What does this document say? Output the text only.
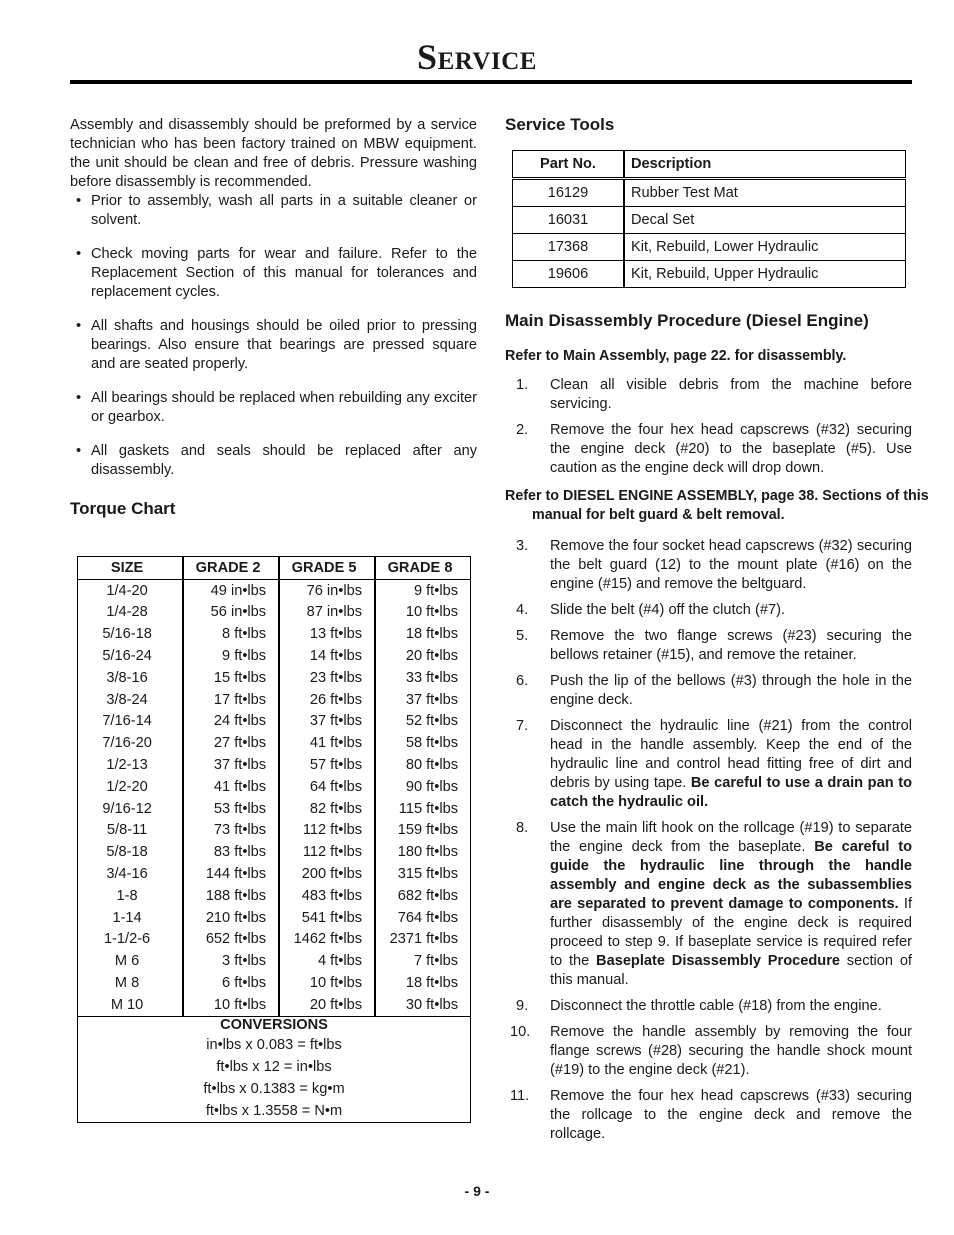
Service

Assembly and disassembly should be preformed by a service technician who has been factory trained on MBW equipment. the unit should be clean and free of debris. Pressure washing before disassembly is recommended.

• Prior to assembly, wash all parts in a suitable cleaner or solvent.
• Check moving parts for wear and failure. Refer to the Replacement Section of this manual for tolerances and replacement cycles.
• All shafts and housings should be oiled prior to pressing bearings. Also ensure that bearings are pressed square and are seated properly.
• All bearings should be replaced when rebuilding any exciter or gearbox.
• All gaskets and seals should be replaced after any disassembly.
Torque Chart
SIZE	GRADE 2	GRADE 5	GRADE 8
1/4-20	49 in•lbs	76 in•lbs	9 ft•lbs
1/4-28	56 in•lbs	87 in•lbs	10 ft•lbs
5/16-18	8 ft•lbs	13 ft•lbs	18 ft•lbs
5/16-24	9 ft•lbs	14 ft•lbs	20 ft•lbs
3/8-16	15 ft•lbs	23 ft•lbs	33 ft•lbs
3/8-24	17 ft•lbs	26 ft•lbs	37 ft•lbs
7/16-14	24 ft•lbs	37 ft•lbs	52 ft•lbs
7/16-20	27 ft•lbs	41 ft•lbs	58 ft•lbs
1/2-13	37 ft•lbs	57 ft•lbs	80 ft•lbs
1/2-20	41 ft•lbs	64 ft•lbs	90 ft•lbs
9/16-12	53 ft•lbs	82 ft•lbs	115 ft•lbs
5/8-11	73 ft•lbs	112 ft•lbs	159 ft•lbs
5/8-18	83 ft•lbs	112 ft•lbs	180 ft•lbs
3/4-16	144 ft•lbs	200 ft•lbs	315 ft•lbs
1-8	188 ft•lbs	483 ft•lbs	682 ft•lbs
1-14	210 ft•lbs	541 ft•lbs	764 ft•lbs
1-1/2-6	652 ft•lbs	1462 ft•lbs	2371 ft•lbs
M 6	3 ft•lbs	4 ft•lbs	7 ft•lbs
M 8	6 ft•lbs	10 ft•lbs	18 ft•lbs
M 10	10 ft•lbs	20 ft•lbs	30 ft•lbs
CONVERSIONS			
in•lbs x 0.083 = ft•lbs			
ft•lbs x 12 = in•lbs			
ft•lbs x 0.1383 = kg•m			
ft•lbs x 1.3558 = N•m			
Service Tools
Part No.	Description
16129	Rubber Test Mat
16031	Decal Set
17368	Kit, Rebuild, Lower Hydraulic
19606	Kit, Rebuild, Upper Hydraulic
Main Disassembly Procedure (Diesel Engine)
Refer to Main Assembly, page 22. for disassembly.
1. Clean all visible debris from the machine before servicing.
2. Remove the four hex head capscrews (#32) securing the engine deck (#20) to the baseplate (#5). Use caution as the engine deck will drop down.
Refer to DIESEL ENGINE ASSEMBLY, page 38. Sections of this manual for belt guard & belt removal.
3. Remove the four socket head capscrews (#32) securing the belt guard (12) to the mount plate (#16) on the engine (#15) and remove the beltguard.
4. Slide the belt (#4) off the clutch (#7).
5. Remove the two flange screws (#23) securing the bellows retainer (#15), and remove the retainer.
6. Push the lip of the bellows (#3) through the hole in the engine deck.
7. Disconnect the hydraulic line (#21) from the control head in the handle assembly. Keep the end of the hydraulic line and control head fitting free of dirt and debris by using tape. Be careful to use a drain pan to catch the hydraulic oil.
8. Use the main lift hook on the rollcage (#19) to separate the engine deck from the baseplate. Be careful to guide the hydraulic line through the handle assembly and engine deck as the subassemblies are separated to prevent damage to components. If further disassembly of the engine deck is required proceed to step 9. If baseplate service is required refer to the Baseplate Disassembly Procedure section of this manual.
9. Disconnect the throttle cable (#18) from the engine.
10. Remove the handle assembly by removing the four flange screws (#28) securing the handle shock mount (#19) to the engine deck (#21).
11. Remove the four hex head capscrews (#33) securing the rollcage to the engine deck and remove the rollcage.
- 9 -
